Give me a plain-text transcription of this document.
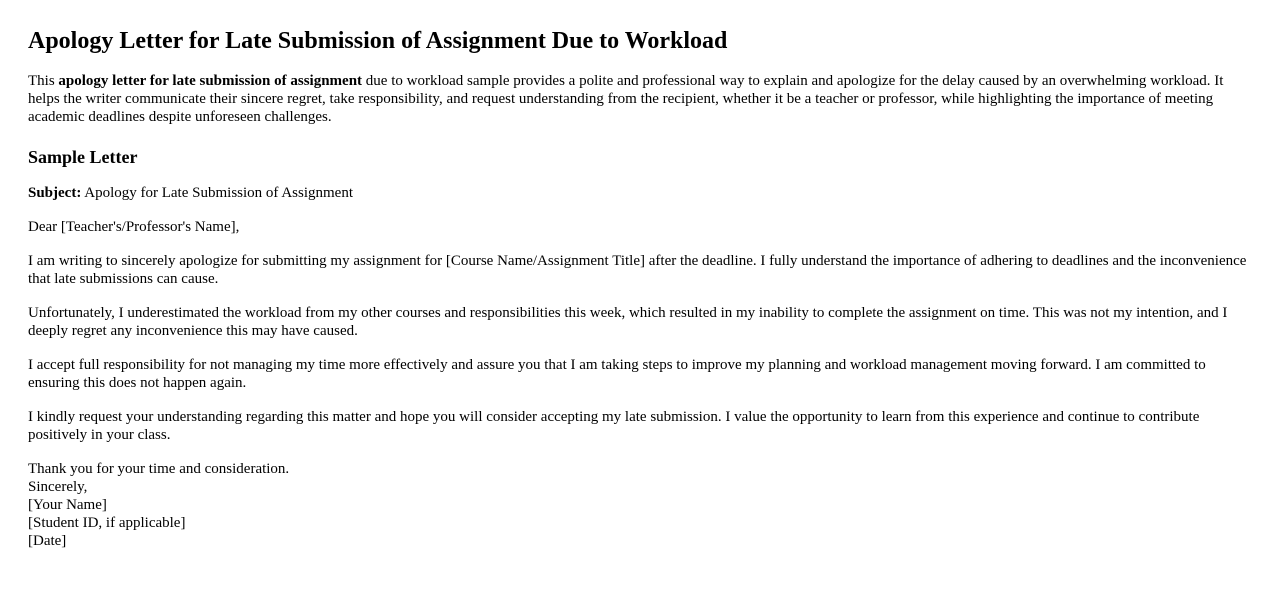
Apology Letter for Late Submission of Assignment Due to Workload

This apology letter for late submission of assignment due to workload sample provides a polite and professional way to explain and apologize for the delay caused by an overwhelming workload. It helps the writer communicate their sincere regret, take responsibility, and request understanding from the recipient, whether it be a teacher or professor, while highlighting the importance of meeting academic deadlines despite unforeseen challenges.

Sample Letter

Subject: Apology for Late Submission of Assignment

Dear [Teacher's/Professor's Name],

I am writing to sincerely apologize for submitting my assignment for [Course Name/Assignment Title] after the deadline. I fully understand the importance of adhering to deadlines and the inconvenience that late submissions can cause.

Unfortunately, I underestimated the workload from my other courses and responsibilities this week, which resulted in my inability to complete the assignment on time. This was not my intention, and I deeply regret any inconvenience this may have caused.

I accept full responsibility for not managing my time more effectively and assure you that I am taking steps to improve my planning and workload management moving forward. I am committed to ensuring this does not happen again.

I kindly request your understanding regarding this matter and hope you will consider accepting my late submission. I value the opportunity to learn from this experience and continue to contribute positively in your class.

Thank you for your time and consideration.
Sincerely,
[Your Name]
[Student ID, if applicable]
[Date]
